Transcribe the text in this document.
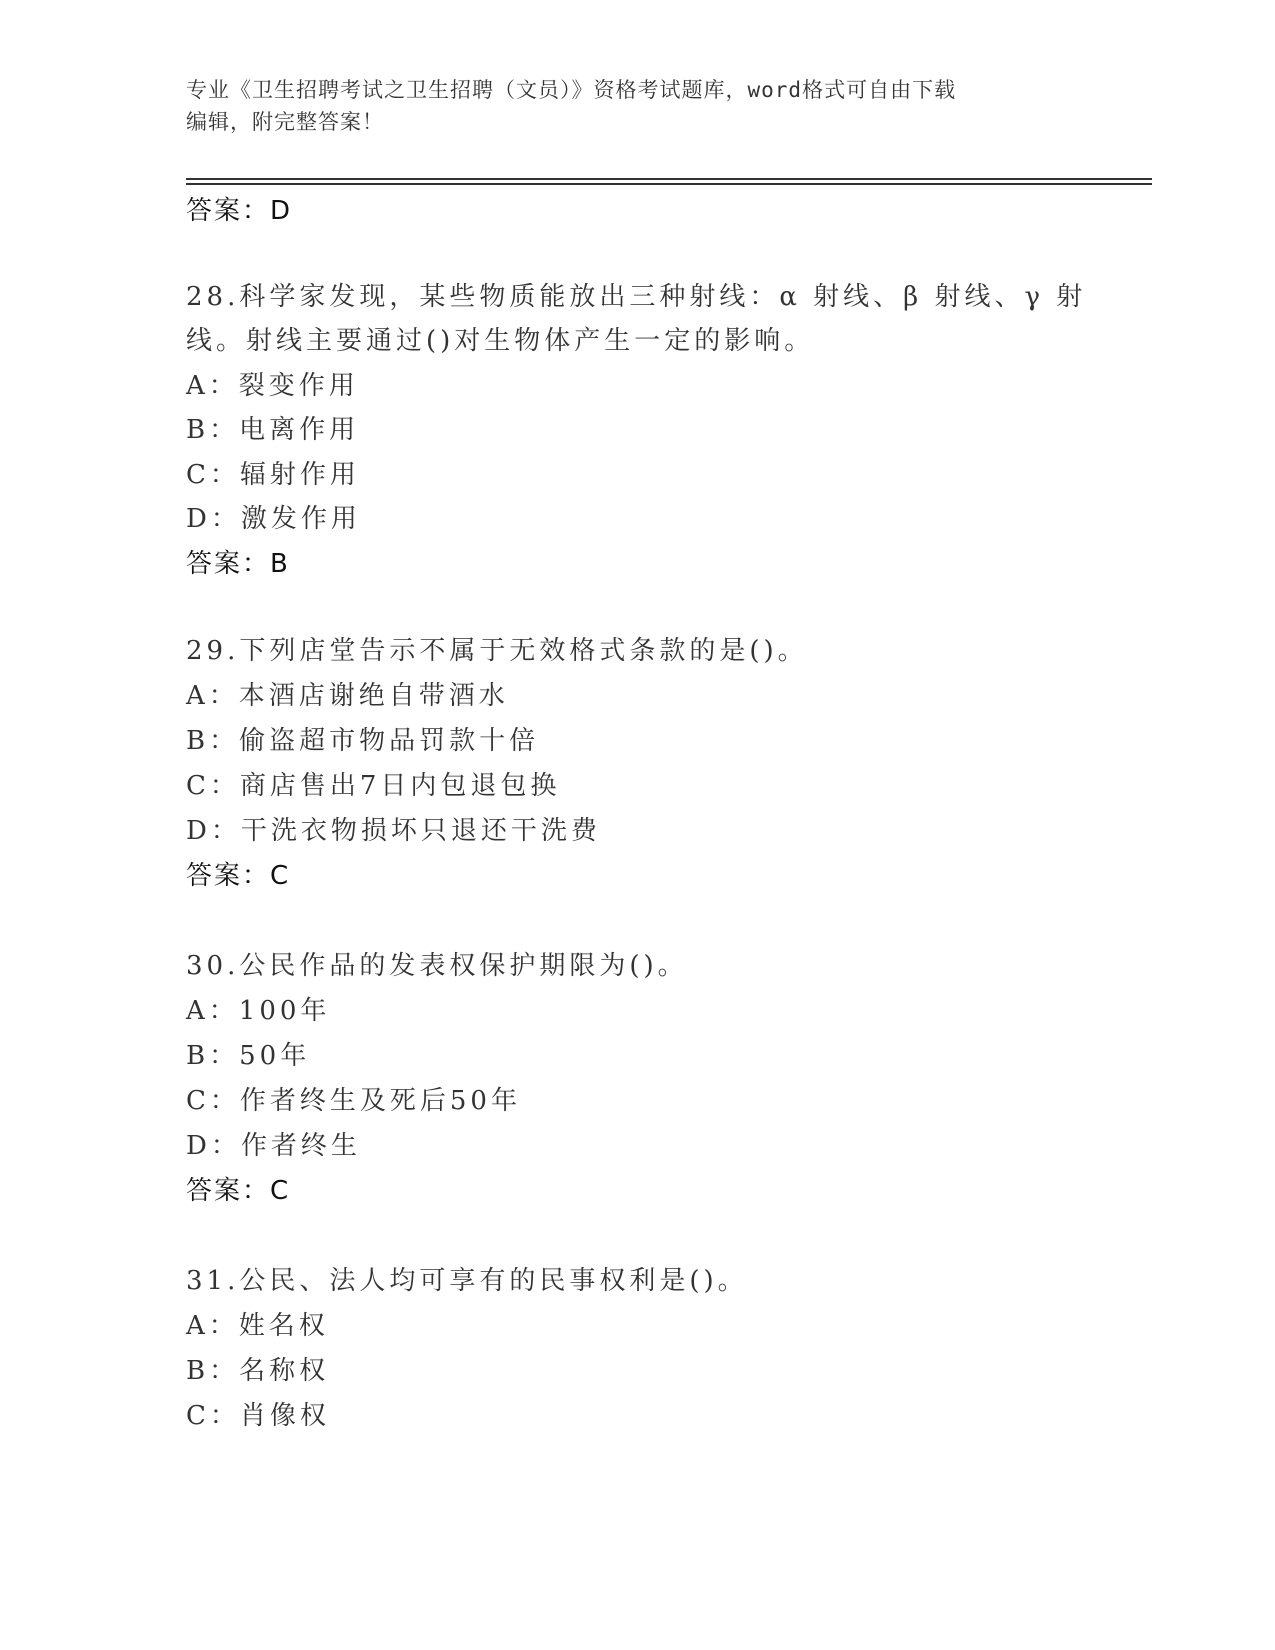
专业《卫生招聘考试之卫生招聘（文员）》资格考试题库，word格式可自由下载
编辑，附完整答案！
答案：D
28.科学家发现，某些物质能放出三种射线：α 射线、β 射线、γ 射
线。射线主要通过()对生物体产生一定的影响。
A：裂变作用
B：电离作用
C：辐射作用
D：激发作用
答案：B
29.下列店堂告示不属于无效格式条款的是()。
A：本酒店谢绝自带酒水
B：偷盗超市物品罚款十倍
C：商店售出7日内包退包换
D：干洗衣物损坏只退还干洗费
答案：C
30.公民作品的发表权保护期限为()。
A：100年
B：50年
C：作者终生及死后50年
D：作者终生
答案：C
31.公民、法人均可享有的民事权利是()。
A：姓名权
B：名称权
C：肖像权
